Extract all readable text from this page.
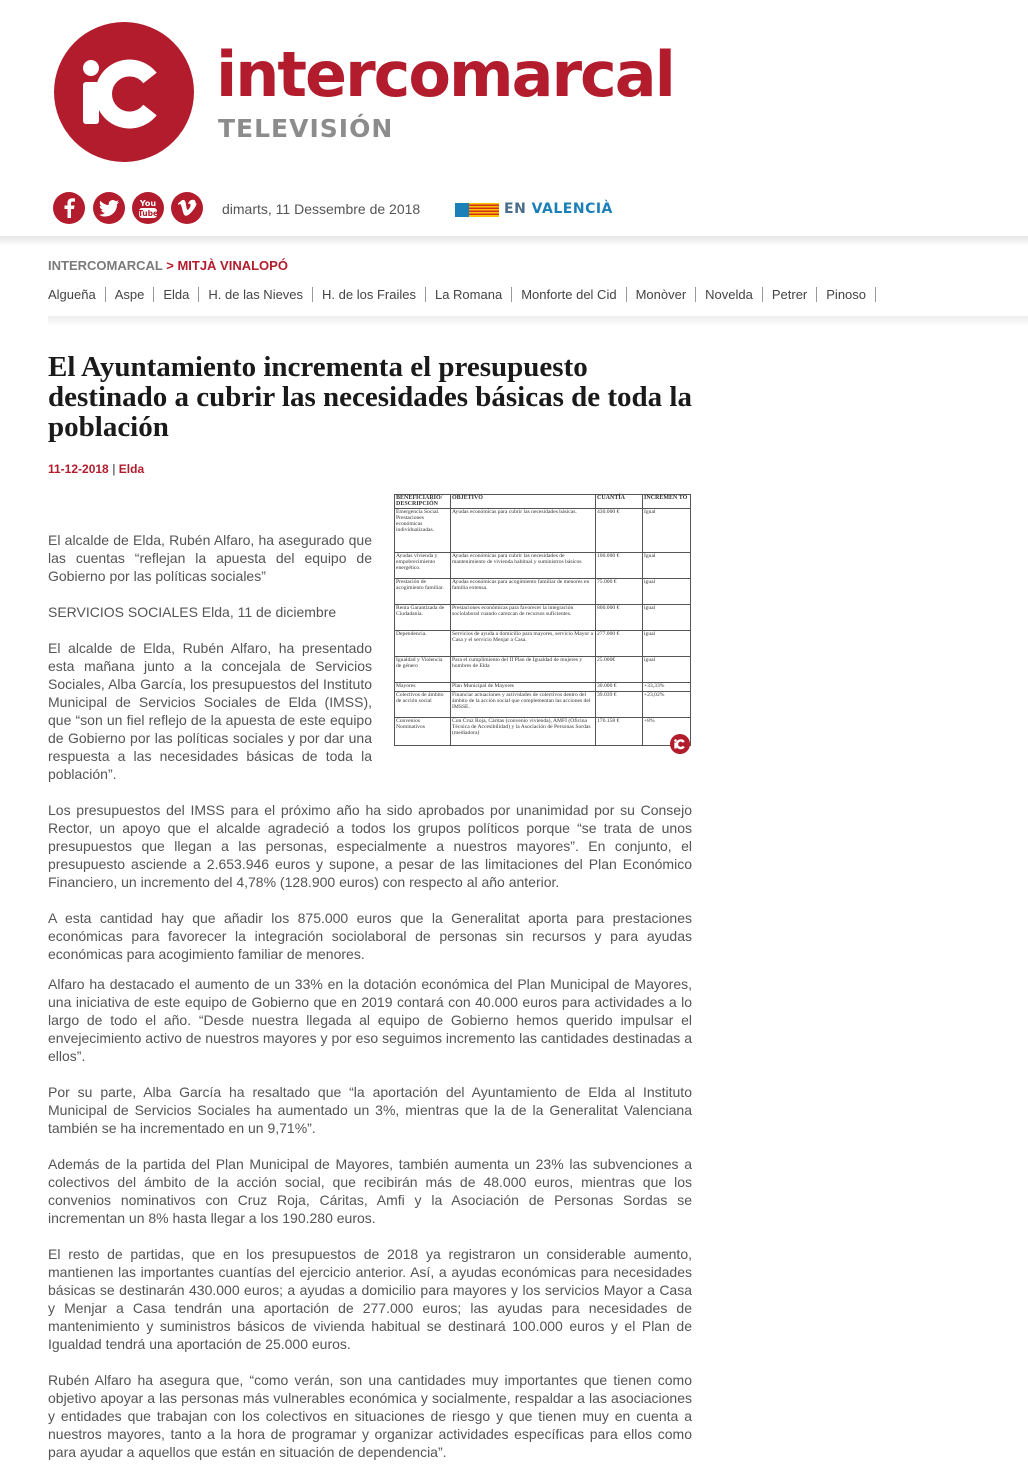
intercomarcal
TELEVISIÓN
You
Tube	dimarts, 11 Dessembre de 2018	EN VALENCIÀ
INTERCOMARCAL > MITJÀ VINALOPÓ
Algueña	Aspe	Elda	H. de las Nieves	H. de los Frailes	La Romana	Monforte del Cid	Monòver	Novelda	Petrer	Pinoso
El Ayuntamiento incrementa el presupuesto destinado a cubrir las necesidades básicas de toda la población
11-12-2018 | Elda
BENEFICIARIO/ DESCRIPCIÓN	OBJETIVO	CUANTÍA	INCREMEN TO
Emergencia Social. Prestaciones económicas individualizadas.	Ayudas económicas para cubrir las necesidades básicas.	430.000 €	Igual
Ayudas vivienda y empobrecimiento energético.	Ayudas económicas para cubrir las necesidades de mantenimiento de vivienda habitual y suministros básicos	100.000 €	Igual
Prestación de acogimiento familiar.	Ayudas económicas para acogimiento familiar de menores en familia extensa.	75.000 €	igual
Renta Garantizada de Ciudadanía.	Prestaciones económicas para favorecer la integración sociolaboral cuando carezcan de recursos suficientes.	800.000 €	igual
Dependencia.	Servicios de ayuda a domicilio para mayores, servicio Mayor a Casa y el servicio Menjar a Casa.	277.000 €	igual
Igualdad y Violencia de género	Para el cumplimiento del II Plan de Igualdad de mujeres y hombres de Elda	25.000€	igual
Mayores	Plan Municipal de Mayores	30.000 €	+33,33%
Colectivos de ámbito de acción social	Financiar actuaciones y actividades de colectivos dentro del ámbito de la acción social que complementan las acciones del IMSSE.	39.039 €	+23,02%
Convenios Nominativos	Con Cruz Roja, Cáritas (convenio vivienda), AMFI (Oficina Técnica de Accesibilidad) y la Asociación de Personas Sordas (mediadora)	176.158 €	+8%

El alcalde de Elda, Rubén Alfaro, ha asegurado que las cuentas “reflejan la apuesta del equipo de Gobierno por las políticas sociales”

SERVICIOS SOCIALES Elda, 11 de diciembre

El alcalde de Elda, Rubén Alfaro, ha presentado esta mañana junto a la concejala de Servicios Sociales, Alba García, los presupuestos del Instituto Municipal de Servicios Sociales de Elda (IMSS), que “son un fiel reflejo de la apuesta de este equipo de Gobierno por las políticas sociales y por dar una respuesta a las necesidades básicas de toda la población”.

Los presupuestos del IMSS para el próximo año ha sido aprobados por unanimidad por su Consejo Rector, un apoyo que el alcalde agradeció a todos los grupos políticos porque “se trata de unos presupuestos que llegan a las personas, especialmente a nuestros mayores”. En conjunto, el presupuesto asciende a 2.653.946 euros y supone, a pesar de las limitaciones del Plan Económico Financiero, un incremento del 4,78% (128.900 euros) con respecto al año anterior.

A esta cantidad hay que añadir los 875.000 euros que la Generalitat aporta para prestaciones económicas para favorecer la integración sociolaboral de personas sin recursos y para ayudas económicas para acogimiento familiar de menores.

Alfaro ha destacado el aumento de un 33% en la dotación económica del Plan Municipal de Mayores, una iniciativa de este equipo de Gobierno que en 2019 contará con 40.000 euros para actividades a lo largo de todo el año. “Desde nuestra llegada al equipo de Gobierno hemos querido impulsar el envejecimiento activo de nuestros mayores y por eso seguimos incremento las cantidades destinadas a ellos”.

Por su parte, Alba García ha resaltado que “la aportación del Ayuntamiento de Elda al Instituto Municipal de Servicios Sociales ha aumentado un 3%, mientras que la de la Generalitat Valenciana también se ha incrementado en un 9,71%”.

Además de la partida del Plan Municipal de Mayores, también aumenta un 23% las subvenciones a colectivos del ámbito de la acción social, que recibirán más de 48.000 euros, mientras que los convenios nominativos con Cruz Roja, Cáritas, Amfi y la Asociación de Personas Sordas se incrementan un 8% hasta llegar a los 190.280 euros.

El resto de partidas, que en los presupuestos de 2018 ya registraron un considerable aumento, mantienen las importantes cuantías del ejercicio anterior. Así, a ayudas económicas para necesidades básicas se destinarán 430.000 euros; a ayudas a domicilio para mayores y los servicios Mayor a Casa y Menjar a Casa tendrán una aportación de 277.000 euros; las ayudas para necesidades de mantenimiento y suministros básicos de vivienda habitual se destinará 100.000 euros y el Plan de Igualdad tendrá una aportación de 25.000 euros.

Rubén Alfaro ha asegura que, “como verán, son una cantidades muy importantes que tienen como objetivo apoyar a las personas más vulnerables económica y socialmente, respaldar a las asociaciones y entidades que trabajan con los colectivos en situaciones de riesgo y que tienen muy en cuenta a nuestros mayores, tanto a la hora de programar y organizar actividades específicas para ellos como para ayudar a aquellos que están en situación de dependencia”.
